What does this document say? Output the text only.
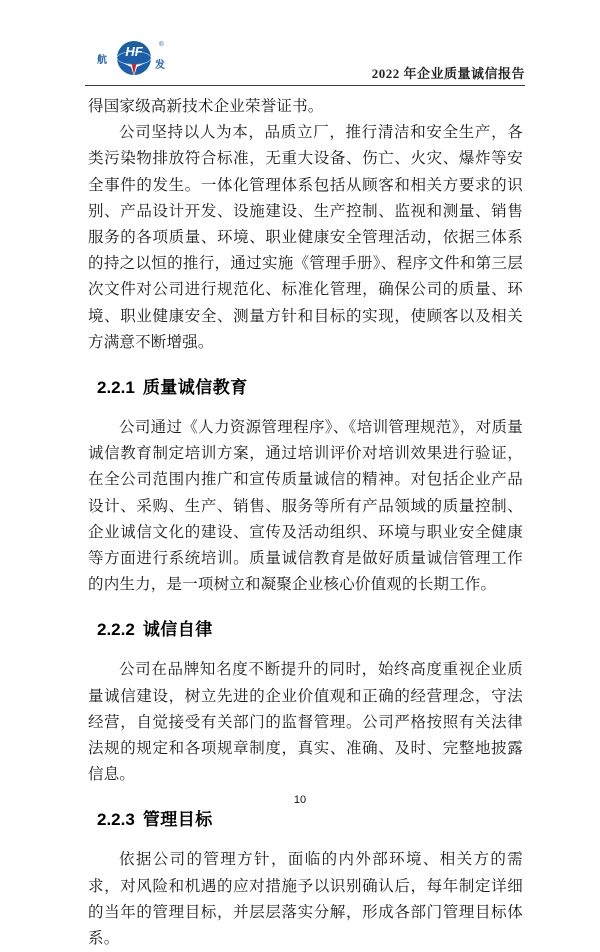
航
HF	®
发
2022 年企业质量诚信报告

得国家级高新技术企业荣誉证书。

公司坚持以人为本，品质立厂，推行清洁和安全生产，各类污染物排放符合标准，无重大设备、伤亡、火灾、爆炸等安全事件的发生。一体化管理体系包括从顾客和相关方要求的识别、产品设计开发、设施建设、生产控制、监视和测量、销售服务的各项质量、环境、职业健康安全管理活动，依据三体系的持之以恒的推行，通过实施《管理手册》、程序文件和第三层次文件对公司进行规范化、标准化管理，确保公司的质量、环境、职业健康安全、测量方针和目标的实现，使顾客以及相关方满意不断增强。

2.2.1 质量诚信教育

公司通过《人力资源管理程序》、《培训管理规范》，对质量诚信教育制定培训方案，通过培训评价对培训效果进行验证，在全公司范围内推广和宣传质量诚信的精神。对包括企业产品设计、采购、生产、销售、服务等所有产品领域的质量控制、企业诚信文化的建设、宣传及活动组织、环境与职业安全健康等方面进行系统培训。质量诚信教育是做好质量诚信管理工作的内生力，是一项树立和凝聚企业核心价值观的长期工作。

2.2.2 诚信自律

公司在品牌知名度不断提升的同时，始终高度重视企业质量诚信建设，树立先进的企业价值观和正确的经营理念，守法经营，自觉接受有关部门的监督管理。公司严格按照有关法律法规的规定和各项规章制度，真实、准确、及时、完整地披露信息。

2.2.3 管理目标

依据公司的管理方针，面临的内外部环境、相关方的需求，对风险和机遇的应对措施予以识别确认后，每年制定详细的当年的管理目标，并层层落实分解，形成各部门管理目标体系。

10
